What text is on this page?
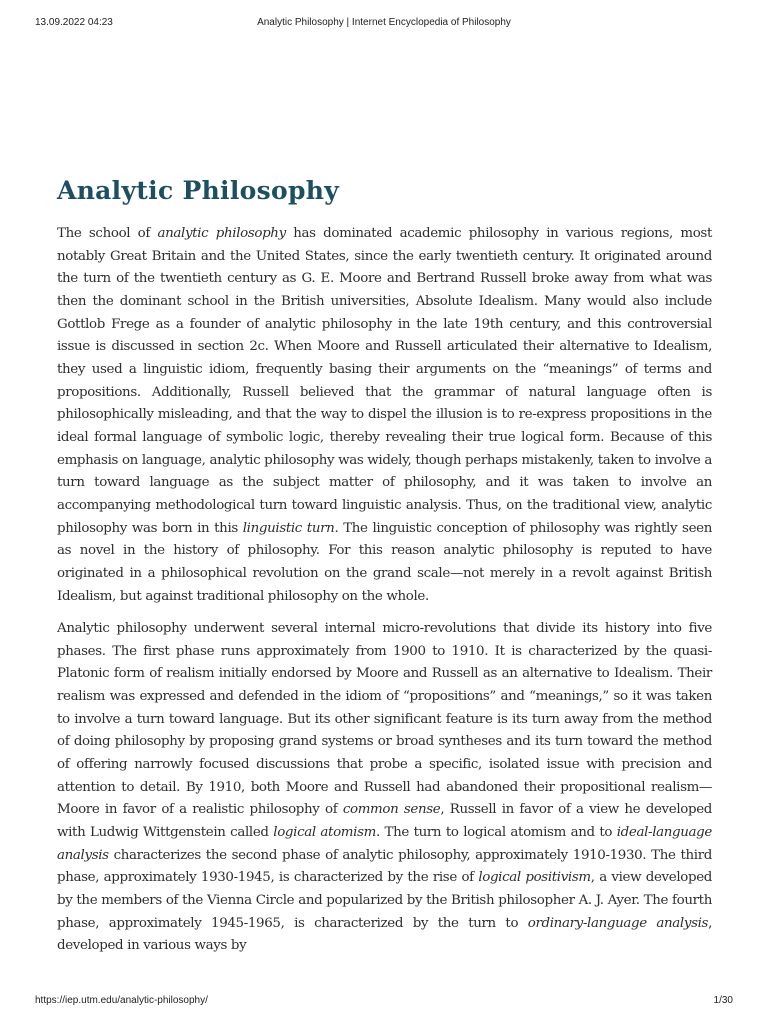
13.09.2022 04:23	Analytic Philosophy | Internet Encyclopedia of Philosophy
Analytic Philosophy

The school of analytic philosophy has dominated academic philosophy in various regions, most notably Great Britain and the United States, since the early twentieth century. It originated around the turn of the twentieth century as G. E. Moore and Bertrand Russell broke away from what was then the dominant school in the British universities, Absolute Idealism. Many would also include Gottlob Frege as a founder of analytic philosophy in the late 19th century, and this controversial issue is discussed in section 2c. When Moore and Russell articulated their alternative to Idealism, they used a linguistic idiom, frequently basing their arguments on the “meanings” of terms and propositions. Additionally, Russell believed that the grammar of natural language often is philosophically misleading, and that the way to dispel the illusion is to re-express propositions in the ideal formal language of symbolic logic, thereby revealing their true logical form. Because of this emphasis on language, analytic philosophy was widely, though perhaps mistakenly, taken to involve a turn toward language as the subject matter of philosophy, and it was taken to involve an accompanying methodological turn toward linguistic analysis. Thus, on the traditional view, analytic philosophy was born in this linguistic turn. The linguistic conception of philosophy was rightly seen as novel in the history of philosophy. For this reason analytic philosophy is reputed to have originated in a philosophical revolution on the grand scale—not merely in a revolt against British Idealism, but against traditional philosophy on the whole.

Analytic philosophy underwent several internal micro-revolutions that divide its history into five phases. The first phase runs approximately from 1900 to 1910. It is characterized by the quasi-Platonic form of realism initially endorsed by Moore and Russell as an alternative to Idealism. Their realism was expressed and defended in the idiom of “propositions” and “meanings,” so it was taken to involve a turn toward language. But its other significant feature is its turn away from the method of doing philosophy by proposing grand systems or broad syntheses and its turn toward the method of offering narrowly focused discussions that probe a specific, isolated issue with precision and attention to detail. By 1910, both Moore and Russell had abandoned their propositional realism—Moore in favor of a realistic philosophy of common sense, Russell in favor of a view he developed with Ludwig Wittgenstein called logical atomism. The turn to logical atomism and to ideal-language analysis characterizes the second phase of analytic philosophy, approximately 1910-1930. The third phase, approximately 1930-1945, is characterized by the rise of logical positivism, a view developed by the members of the Vienna Circle and popularized by the British philosopher A. J. Ayer. The fourth phase, approximately 1945-1965, is characterized by the turn to ordinary-language analysis, developed in various ways by

https://iep.utm.edu/analytic-philosophy/	1/30
